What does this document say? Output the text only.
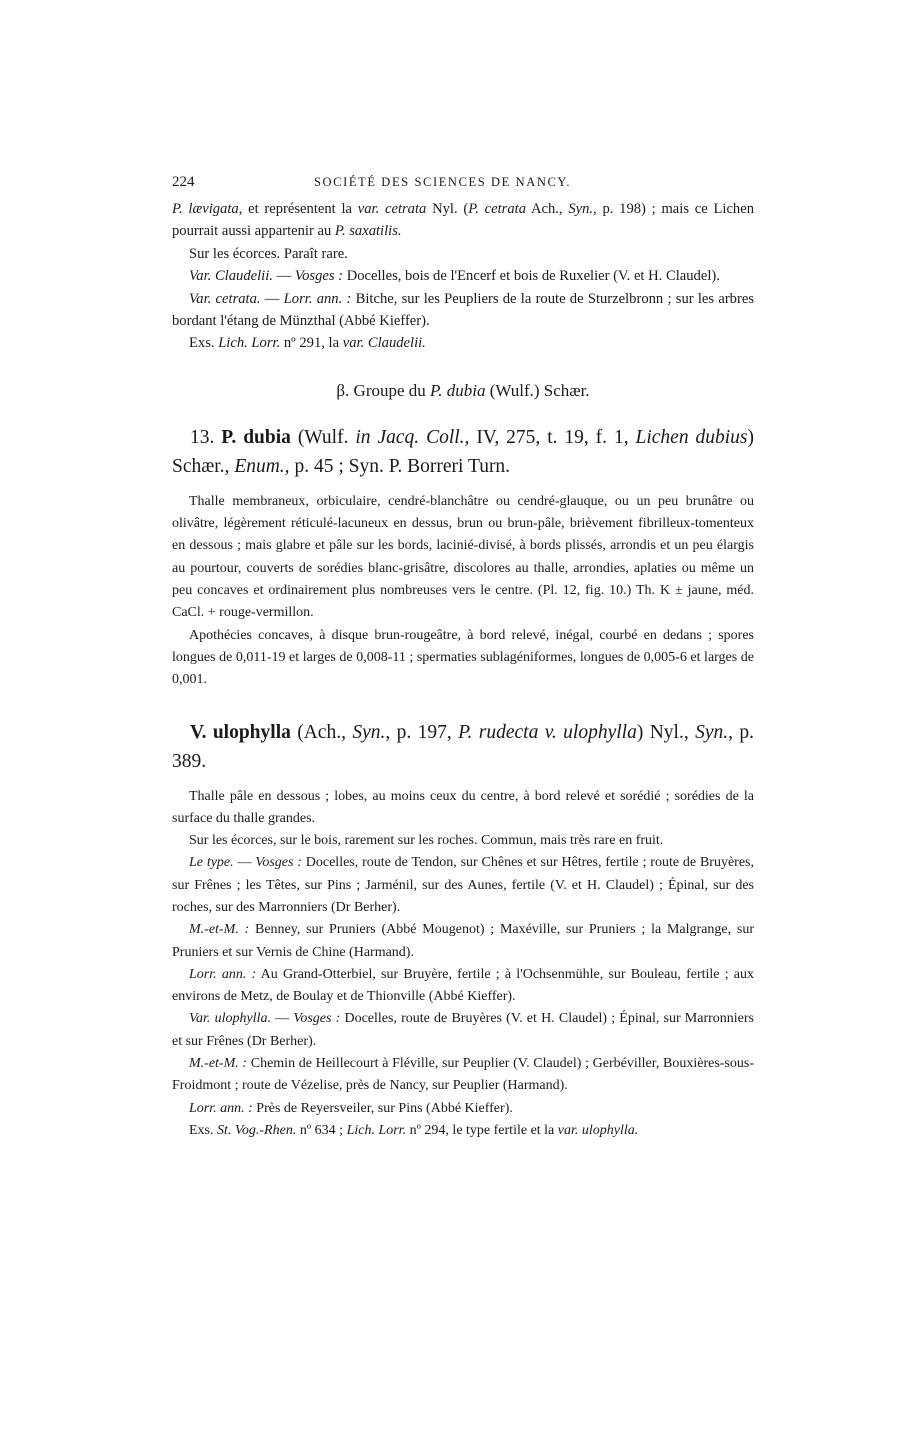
224	SOCIÉTÉ DES SCIENCES DE NANCY.

P. lævigata, et représentent la var. cetrata Nyl. (P. cetrata Ach., Syn., p. 198) ; mais ce Lichen pourrait aussi appartenir au P. saxatilis.

Sur les écorces. Paraît rare.

Var. Claudelii. — Vosges : Docelles, bois de l'Encerf et bois de Ruxelier (V. et H. Claudel).

Var. cetrata. — Lorr. ann. : Bitche, sur les Peupliers de la route de Sturzelbronn ; sur les arbres bordant l'étang de Münzthal (Abbé Kieffer).

Exs. Lich. Lorr. nº 291, la var. Claudelii.

β. Groupe du P. dubia (Wulf.) Schær.

13. P. dubia (Wulf. in Jacq. Coll., IV, 275, t. 19, f. 1, Lichen dubius) Schær., Enum., p. 45 ; Syn. P. Borreri Turn.

Thalle membraneux, orbiculaire, cendré-blanchâtre ou cendré-glauque, ou un peu brunâtre ou olivâtre, légèrement réticulé-lacuneux en dessus, brun ou brun-pâle, brièvement fibrilleux-tomenteux en dessous ; mais glabre et pâle sur les bords, lacinié-divisé, à bords plissés, arrondis et un peu élargis au pourtour, couverts de sorédies blanc-grisâtre, discolores au thalle, arrondies, aplaties ou même un peu concaves et ordinairement plus nombreuses vers le centre. (Pl. 12, fig. 10.) Th. K ± jaune, méd. CaCl. + rouge-vermillon.

Apothécies concaves, à disque brun-rougeâtre, à bord relevé, inégal, courbé en dedans ; spores longues de 0,011-19 et larges de 0,008-11 ; spermaties sublagéniformes, longues de 0,005-6 et larges de 0,001.

V. ulophylla (Ach., Syn., p. 197, P. rudecta v. ulophylla) Nyl., Syn., p. 389.

Thalle pâle en dessous ; lobes, au moins ceux du centre, à bord relevé et sorédié ; sorédies de la surface du thalle grandes.

Sur les écorces, sur le bois, rarement sur les roches. Commun, mais très rare en fruit.

Le type. — Vosges : Docelles, route de Tendon, sur Chênes et sur Hêtres, fertile ; route de Bruyères, sur Frênes ; les Têtes, sur Pins ; Jarménil, sur des Aunes, fertile (V. et H. Claudel) ; Épinal, sur des roches, sur des Marronniers (Dr Berher).

M.-et-M. : Benney, sur Pruniers (Abbé Mougenot) ; Maxéville, sur Pruniers ; la Malgrange, sur Pruniers et sur Vernis de Chine (Harmand).

Lorr. ann. : Au Grand-Otterbiel, sur Bruyère, fertile ; à l'Ochsenmühle, sur Bouleau, fertile ; aux environs de Metz, de Boulay et de Thionville (Abbé Kieffer).

Var. ulophylla. — Vosges : Docelles, route de Bruyères (V. et H. Claudel) ; Épinal, sur Marronniers et sur Frênes (Dr Berher).

M.-et-M. : Chemin de Heillecourt à Fléville, sur Peuplier (V. Claudel) ; Gerbéviller, Bouxières-sous-Froidmont ; route de Vézelise, près de Nancy, sur Peuplier (Harmand).

Lorr. ann. : Près de Reyersveiler, sur Pins (Abbé Kieffer).

Exs. St. Vog.-Rhen. nº 634 ; Lich. Lorr. nº 294, le type fertile et la var. ulophylla.
